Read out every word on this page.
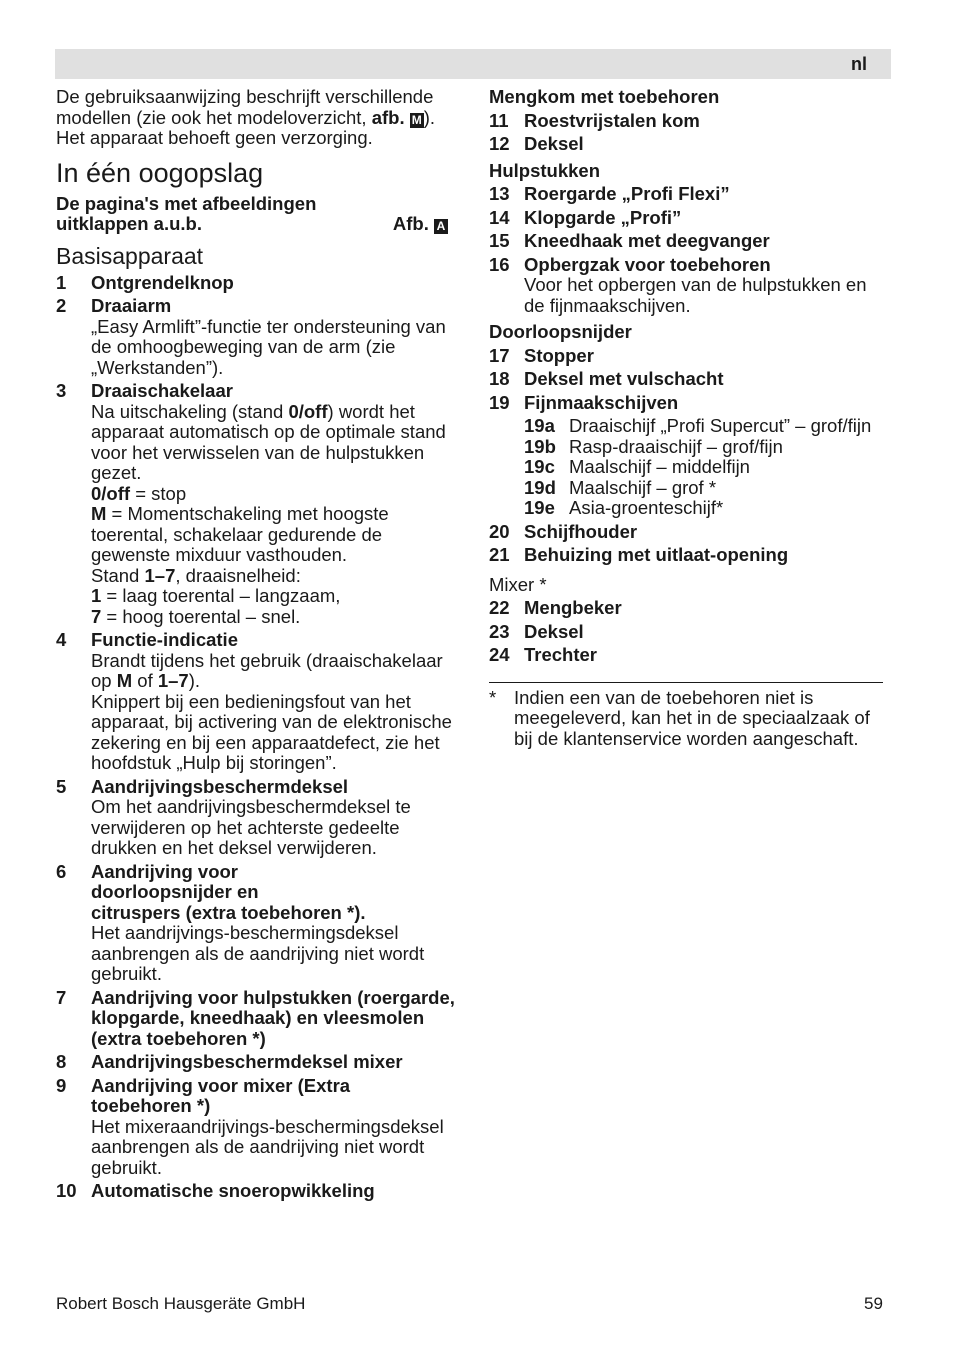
nl

De gebruiksaanwijzing beschrijft verschillende modellen (zie ook het modeloverzicht, afb. M ). Het apparaat behoeft geen verzorging.

In één oogopslag
De pagina's met afbeeldingen uitklappen a.u.b.	Afb. A
Basisapparaat
1 Ontgrendelknop
2 Draaiarm

„Easy Armlift”-functie ter ondersteuning van de omhoogbeweging van de arm (zie „Werkstanden”).

3 Draaischakelaar

Na uitschakeling (stand 0/off) wordt het apparaat automatisch op de optimale stand voor het verwisselen van de hulpstukken gezet.

0/off = stop

M = Momentschakeling met hoogste toerental, schakelaar gedurende de gewenste mixduur vasthouden.

Stand 1–7, draaisnelheid:

1 = laag toerental – langzaam,

7 = hoog toerental – snel.

4 Functie-indicatie

Brandt tijdens het gebruik (draaischakelaar op M of 1–7).

Knippert bij een bedieningsfout van het apparaat, bij activering van de elektronische zekering en bij een apparaatdefect, zie het hoofdstuk „Hulp bij storingen”.

5 Aandrijvingsbeschermdeksel

Om het aandrijvingsbeschermdeksel te verwijderen op het achterste gedeelte drukken en het deksel verwijderen.

6 Aandrijving voor

doorloopsnijder en

citruspers (extra toebehoren *).

Het aandrijvings-beschermingsdeksel aanbrengen als de aandrijving niet wordt gebruikt.

7	Aandrijving voor hulpstukken (roergarde, klopgarde, kneedhaak) en vleesmolen (extra toebehoren *)
8 Aandrijvingsbeschermdeksel mixer
9	Aandrijving voor mixer (Extra toebehoren *)

Het mixeraandrijvings-beschermingsdeksel aanbrengen als de aandrijving niet wordt gebruikt.

10 Automatische snoeropwikkeling

Mengkom met toebehoren

11 Roestvrijstalen kom
12 Deksel

Hulpstukken

13 Roergarde „Profi Flexi”
14 Klopgarde „Profi”
15 Kneedhaak met deegvanger
16 Opbergzak voor toebehoren

Voor het opbergen van de hulpstukken en de fijnmaakschijven.

Doorloopsnijder

17 Stopper
18 Deksel met vulschacht
19 Fijnmaakschijven
19a Draaischijf „Profi Supercut” – grof/fijn
19b Rasp-draaischijf – grof/fijn
19c Maalschijf – middelfijn
19d Maalschijf – grof *
19e Asia-groenteschijf*
20 Schijfhouder
21 Behuizing met uitlaat-opening

Mixer *

22 Mengbeker
23 Deksel
24 Trechter
* Indien een van de toebehoren niet is meegeleverd, kan het in de speciaalzaak of bij de klantenservice worden aangeschaft.

Robert Bosch Hausgeräte GmbH	59
